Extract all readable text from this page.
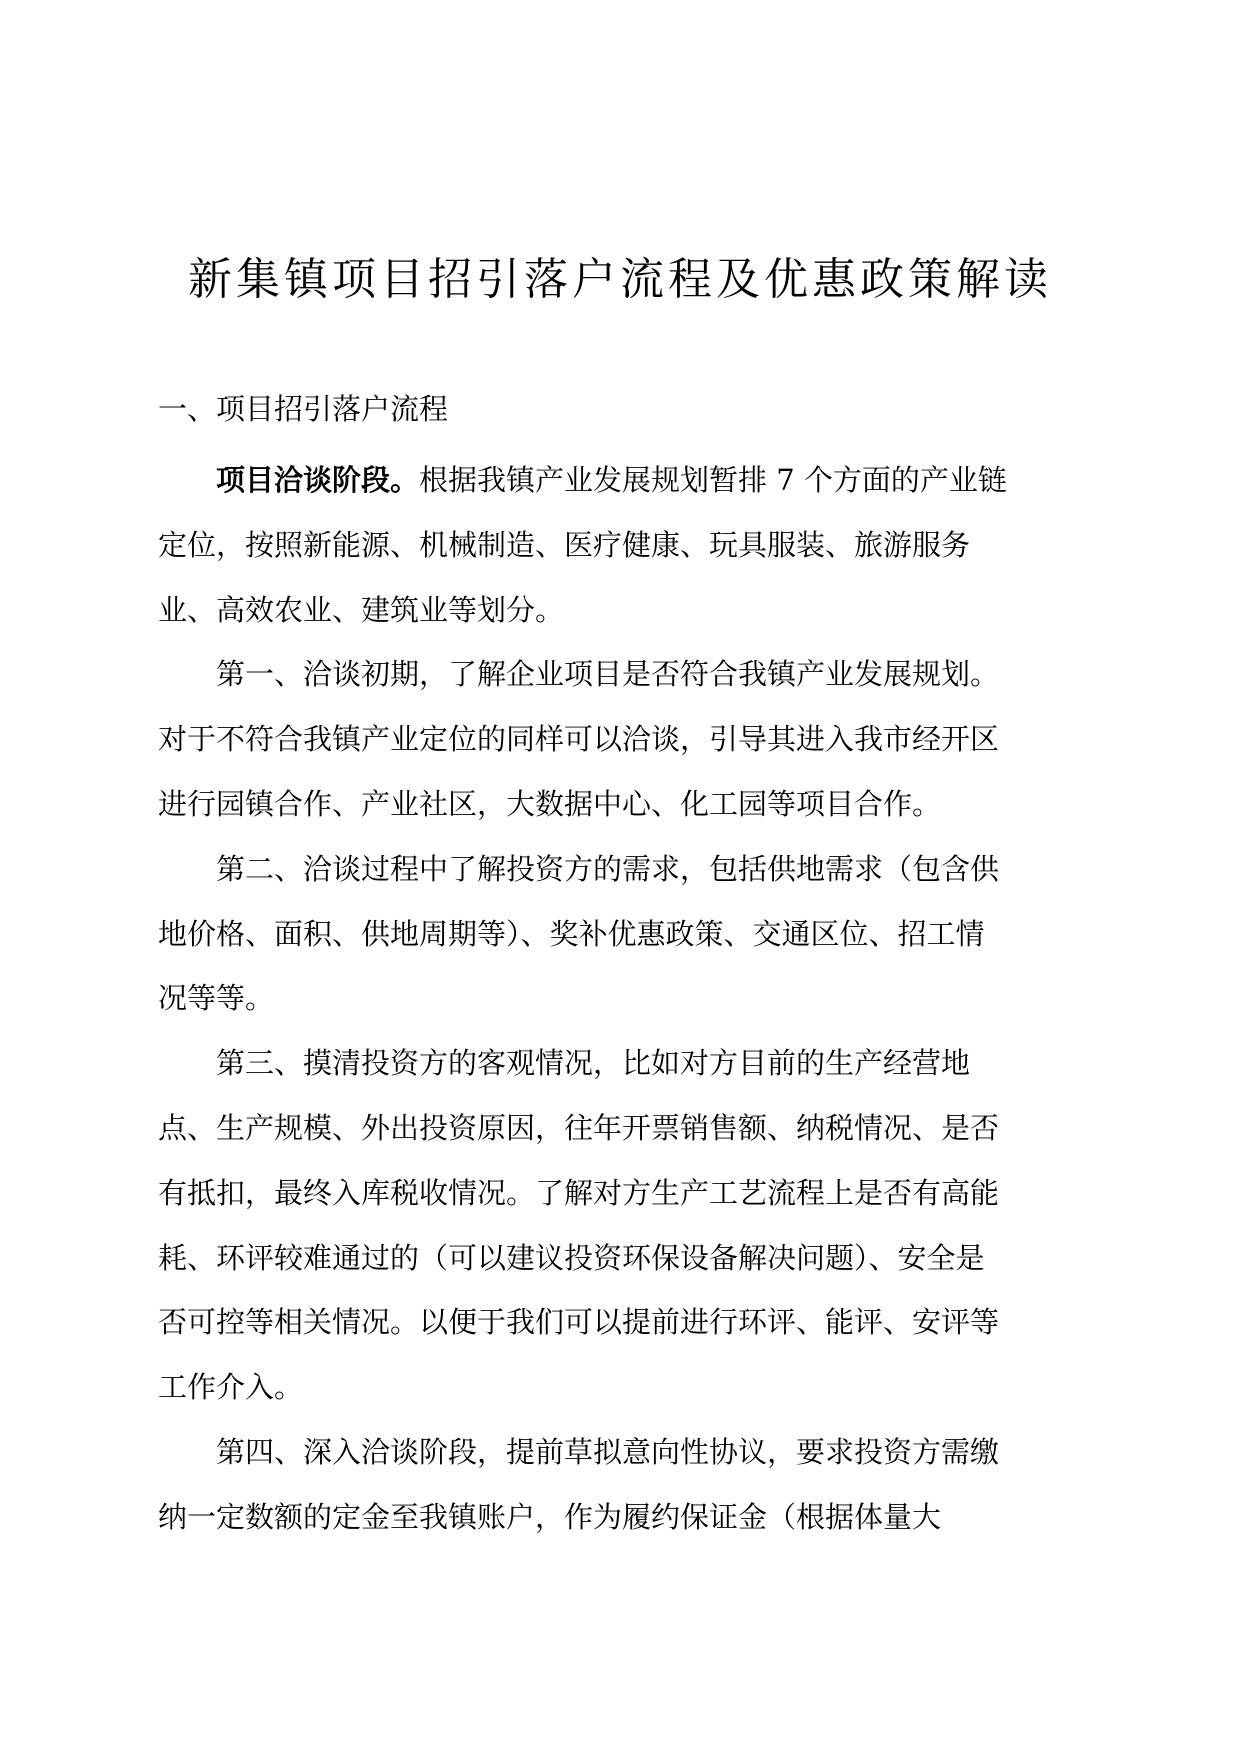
新集镇项目招引落户流程及优惠政策解读
一、项目招引落户流程
项目洽谈阶段。根据我镇产业发展规划暂排 7 个方面的产业链
定位，按照新能源、机械制造、医疗健康、玩具服装、旅游服务
业、高效农业、建筑业等划分。
第一、洽谈初期，了解企业项目是否符合我镇产业发展规划。
对于不符合我镇产业定位的同样可以洽谈，引导其进入我市经开区
进行园镇合作、产业社区，大数据中心、化工园等项目合作。
第二、洽谈过程中了解投资方的需求，包括供地需求（包含供
地价格、面积、供地周期等）、奖补优惠政策、交通区位、招工情
况等等。
第三、摸清投资方的客观情况，比如对方目前的生产经营地
点、生产规模、外出投资原因，往年开票销售额、纳税情况、是否
有抵扣，最终入库税收情况。了解对方生产工艺流程上是否有高能
耗、环评较难通过的（可以建议投资环保设备解决问题）、安全是
否可控等相关情况。以便于我们可以提前进行环评、能评、安评等
工作介入。
第四、深入洽谈阶段，提前草拟意向性协议，要求投资方需缴
纳一定数额的定金至我镇账户，作为履约保证金（根据体量大
